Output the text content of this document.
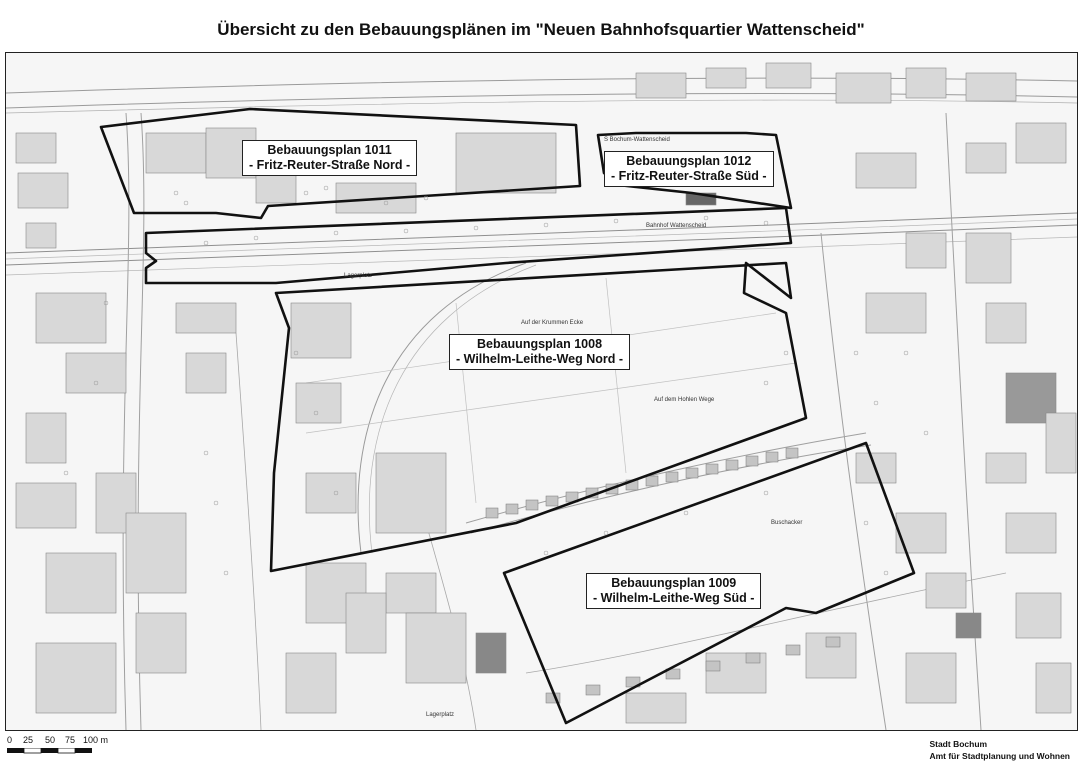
Übersicht zu den Bebauungsplänen im "Neuen Bahnhofsquartier Wattenscheid"
Bebauungsplan 1011
- Fritz-Reuter-Straße Nord -	Bebauungsplan 1012
- Fritz-Reuter-Straße Süd -
Bebauungsplan 1008
- Wilhelm-Leithe-Weg Nord -
Bebauungsplan 1009
- Wilhelm-Leithe-Weg Süd -
Auf der Krummen Ecke
Auf dem Hohlen Wege
Buschacker
Lagerplatz
Lagerplatz
Bahnhof Wattenscheid
S Bochum-Wattenscheid
0 25 50 75 100 m	Stadt Bochum
Amt für Stadtplanung und Wohnen
